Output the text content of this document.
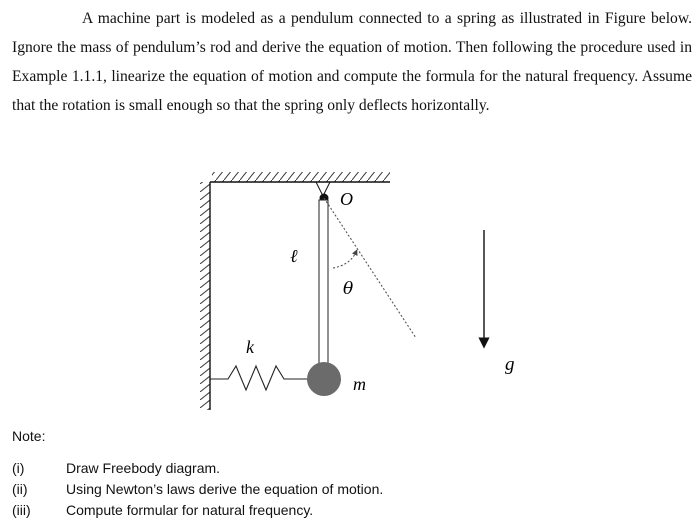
A machine part is modeled as a pendulum connected to a spring as illustrated in Figure below. Ignore the mass of pendulum’s rod and derive the equation of motion. Then following the procedure used in Example 1.1.1, linearize the equation of motion and compute the formula for the natural frequency. Assume that the rotation is small enough so that the spring only deflects horizontally.
O
ℓ
θ
k
m
g
Note:
(i)	Draw Freebody diagram.
(ii)	Using Newton’s laws derive the equation of motion.
(iii)	Compute formular for natural frequency.
